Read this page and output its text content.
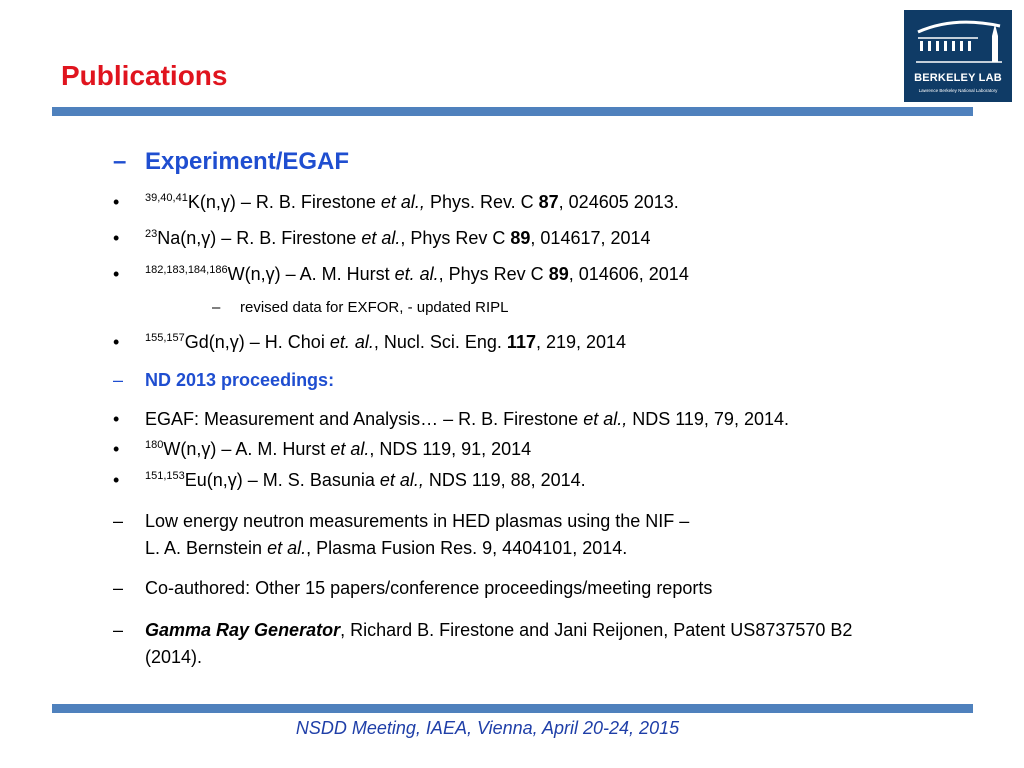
Publications	BERKELEY LAB
Lawrence Berkeley National Laboratory
– Experiment/EGAF
• $^{39,40,41}$K(n,γ) – R. B. Firestone et al., Phys. Rev. C 87, 024605 2013.
• $^{23}$Na(n,γ) – R. B. Firestone et al., Phys Rev C 89, 014617, 2014
• $^{182,183,184,186}$W(n,γ) – A. M. Hurst et. al., Phys Rev C 89, 014606, 2014
– revised data for EXFOR, - updated RIPL
• $^{155,157}$Gd(n,γ) – H. Choi et. al., Nucl. Sci. Eng. 117, 219, 2014
– ND 2013 proceedings:
• EGAF: Measurement and Analysis… – R. B. Firestone et al., NDS 119, 79, 2014.
• $^{180}$W(n,γ) – A. M. Hurst et al., NDS 119, 91, 2014
• $^{151,153}$Eu(n,γ) – M. S. Basunia et al., NDS 119, 88, 2014.
– Low energy neutron measurements in HED plasmas using the NIF –
L. A. Bernstein et al., Plasma Fusion Res. 9, 4404101, 2014.
– Co-authored: Other 15 papers/conference proceedings/meeting reports
– Gamma Ray Generator, Richard B. Firestone and Jani Reijonen, Patent US8737570 B2
(2014).
NSDD Meeting, IAEA, Vienna, April 20-24, 2015
